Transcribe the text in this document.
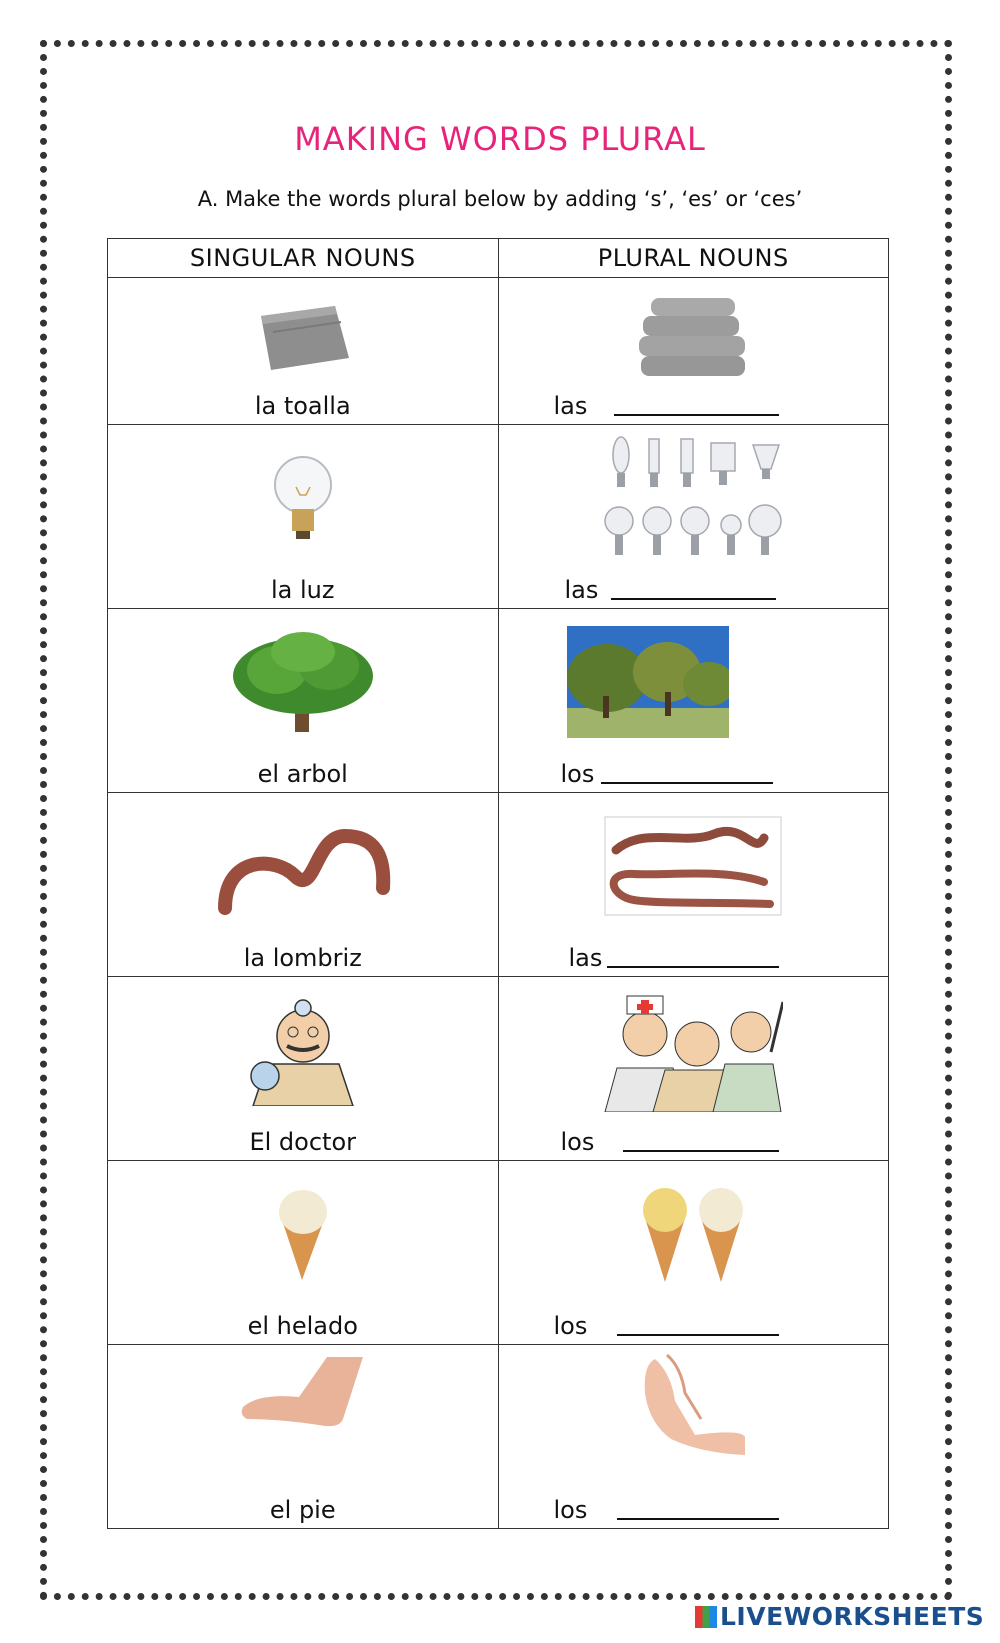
MAKING WORDS PLURAL
A. Make the words plural below by adding ‘s’, ‘es’ or ‘ces’
SINGULAR NOUNS	PLURAL NOUNS

la toalla	las

la luz	las

el arbol	los

la lombriz	las

El doctor	los

el helado	los

el pie	los
LIVEWORKSHEETS
